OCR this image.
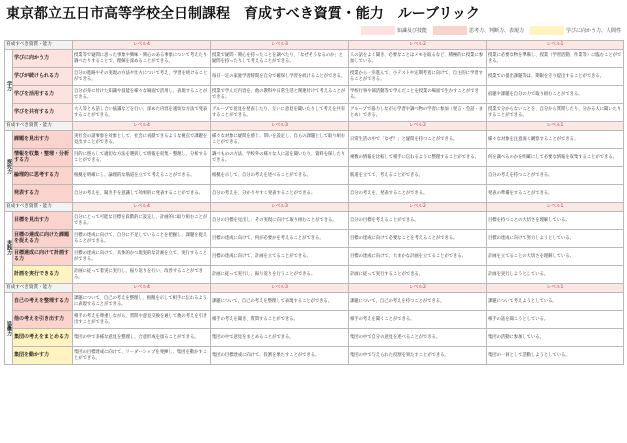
東京都立五日市高等学校全日制課程　育成すべき資質・能力　ルーブリック
知識及び技能	思考力、判断力、表現力	学びに向かう力、人間性
育成すべき資質・能力		レベル4	レベル3	レベル2	レベル1
学力	学びに向かう力	授業等で疑問に思った事象や興味・関心のある事象について考えたり調べたりすることで、理解を深めることができる。	授業で疑問・関心を持ったことを調べたり、「なぜそうなるのか」と疑問を持ったりして考えることができる。	人の話をよく聞き、必要なことはメモを取るなど、積極的に授業に参加している。	授業に必要な物を準備し、授業（学習活動、作業等）に臨むことができる。
	学びが続けられる力	自分の進路やその実現の方法や仕方について考え、学習を続けることができる。	毎日一定の家庭学習時間を自分で確保し学習を続けることができる。	授業から一歩進んで、小テストや定期考査に向けて、自主的に学習することができる。	授業での提出課題等は、期限を守り提出することができる。
	学びを活用する力	自分が身に付けた知識や技能を様々な場面で活用し、表現することができる。	授業で学んだ内容を、他の教科や日常生活と関連付けて考えることができる。	学校行事や部活動等で学んだことを授業の場面で生かすことができる。	宿題や課題を自分の力で取り組むことができる。
	学びを共有する力	大人等とも話し合い協議などを行い、深めた内容を適切な方法で発表することができる。	グループで意見を発表したり、互いに意見を聞いたりして考えを共有することができる。	グループで協力しながら学習や調べ物の学習に参加（発言・会話・まとめ）できる。	授業で分からないことを、自分から質問したり、分かる人に聞いたりすることができる。
育成すべき資質・能力		レベル4	レベル3	レベル2	レベル1
探究力	課題を見出す力	実社会の諸事象を対象として、社会に貢献できるような視点で課題を見出すことができる。	様々な対象に疑問を感じ、問いを設定し、自らの課題として取り組むことができる。	日常生活の中で「なぜ？」と疑問を持つことができる。	様々な対象を注意深く観察することができる。
	情報を収集・整理・分析する力	目的に照らして適切な方法を選択して情報を収集・整理し、分析することができる。	調べものの方法、学校外の様々な人に話を聞いたり、資料を探したりできる。	複数の情報を比較して相手に伝わるように整理することができる。	何を調べるのかを明確にして必要な情報を収集することができる。
	論理的に思考する力	根拠を明確にし、論理的な筋道を立てて考えることができる。	根拠を示して、自分の考えを述べることができる。	筋道を立てて、考えることができる。	自分の考えを持つことができる。
	発表する力	自分の考えを、聞き手を意識して効果的に発表することができる。	自分の考えを、分かりやすく発表することができる。	自分の考えを、発表することができる。	発表の準備をすることができる。
育成すべき資質・能力		レベル4	レベル3	レベル2	レベル1
実践力	目標を見出す力	自分にとって可能な目標を段階的に設定し、計画的に取り組むことができる。	自分の目標を見出し、その実現に向けて取り組むことができる。	自分の目標を考えることができる。	目標を持つことの大切さを理解している。
	目標の達成に向けた課題を捉える力	目標の達成に向けて、自分に不足していることを把握し、課題を捉えることができる。	目標の達成に向けて、何が必要かを考えることができる。	目標の達成に向けて必要なことを考えることができる。	目標の達成に向けて努力しようとしている。
	目標達成に向けて計画する力	目標の達成に向けて、具体的かつ現実的な計画を立て、実行することができる。	目標の達成に向けて、計画を立てることができる。	目標の達成に向けて、大まかな計画を立てることができる。	計画を立てることの大切さを理解している。
	計画を実行できる力	計画に従って着実に実行し、振り返りを行い、改善することができる。	計画に従って実行し、振り返りを行うことができる。	計画に従って実行することができる。	計画を実行しようとしている。
育成すべき資質・能力		レベル4	レベル3	レベル2	レベル1
協働力	自己の考えを整理する力	課題について、自己の考えを整理し、根拠を示して相手に伝わるように表現することができる。	課題について、自己の考えを整理して表現することができる。	課題について、自己の考えを持つことができる。	課題について考えようとしている。
	他の考えを引き出す力	相手の考えを尊重しながら、質問や意見交換を通して他の考えを引き出すことができる。	相手の考えを聞き、質問することができる。	相手の考えを聞くことができる。	相手の話を聞こうとしている。
	集団の考えをまとめる力	集団の中で多様な意見を整理し、合意形成を図ることができる。	集団の中で意見をまとめることができる。	集団の中で自分の意見を述べることができる。	集団の活動に参加している。
	集団を動かす力	集団の目標達成に向けて、リーダーシップを発揮し、集団を動かすことができる。	集団の目標達成に向けて、役割を果たすことができる。	集団の中で与えられた役割を果たすことができる。	集団の一員として活動しようとしている。
